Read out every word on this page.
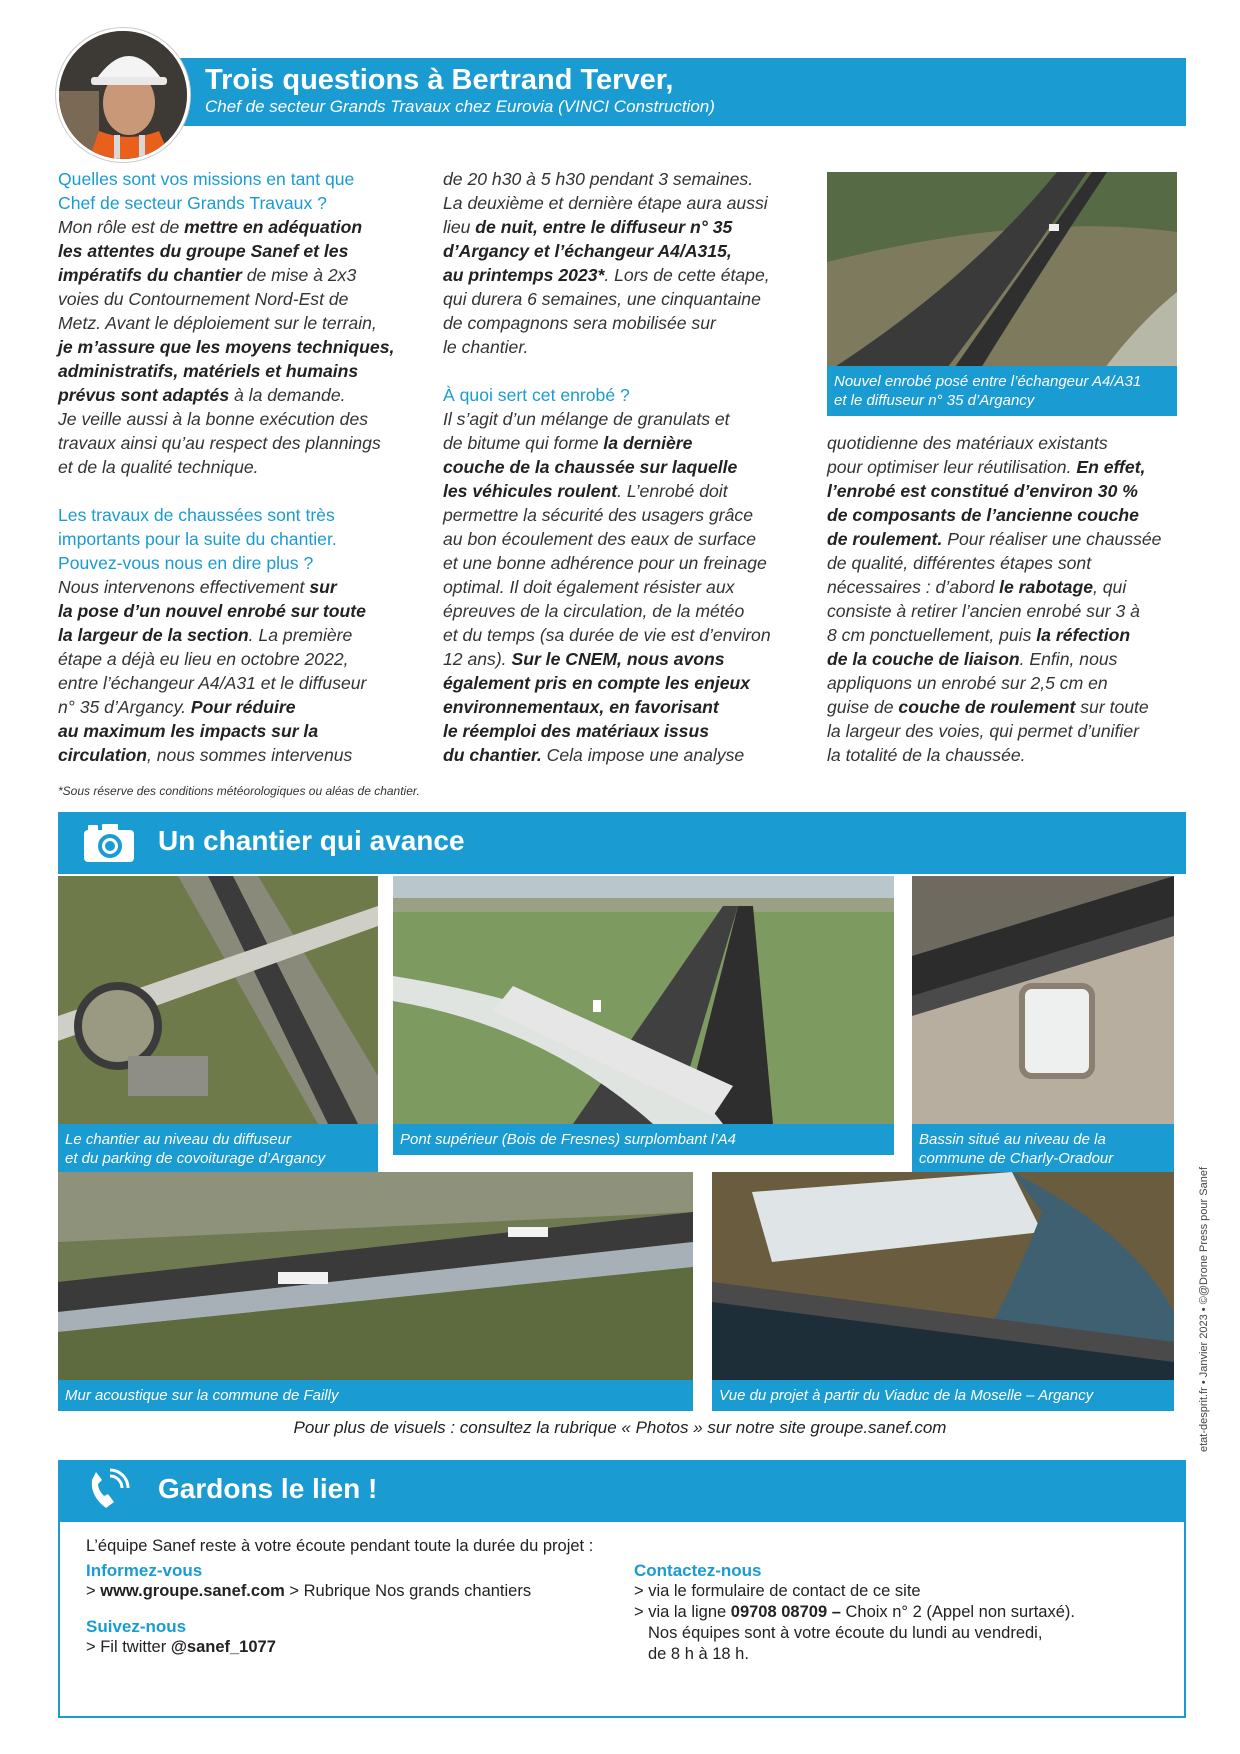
Trois questions à Bertrand Terver,
Chef de secteur Grands Travaux chez Eurovia (VINCI Construction)
Quelles sont vos missions en tant que
Chef de secteur Grands Travaux ?
Mon rôle est de mettre en adéquation
les attentes du groupe Sanef et les
impératifs du chantier de mise à 2x3
voies du Contournement Nord-Est de
Metz. Avant le déploiement sur le terrain,
je m’assure que les moyens techniques,
administratifs, matériels et humains
prévus sont adaptés à la demande.
Je veille aussi à la bonne exécution des
travaux ainsi qu’au respect des plannings
et de la qualité technique.
Les travaux de chaussées sont très
importants pour la suite du chantier.
Pouvez-vous nous en dire plus ?
Nous intervenons effectivement sur
la pose d’un nouvel enrobé sur toute
la largeur de la section. La première
étape a déjà eu lieu en octobre 2022,
entre l’échangeur A4/A31 et le diffuseur
n° 35 d’Argancy. Pour réduire
au maximum les impacts sur la
circulation, nous sommes intervenus
de 20 h30 à 5 h30 pendant 3 semaines.
La deuxième et dernière étape aura aussi
lieu de nuit, entre le diffuseur n° 35
d’Argancy et l’échangeur A4/A315,
au printemps 2023*. Lors de cette étape,
qui durera 6 semaines, une cinquantaine
de compagnons sera mobilisée sur
le chantier.
À quoi sert cet enrobé ?
Il s’agit d’un mélange de granulats et
de bitume qui forme la dernière
couche de la chaussée sur laquelle
les véhicules roulent. L’enrobé doit
permettre la sécurité des usagers grâce
au bon écoulement des eaux de surface
et une bonne adhérence pour un freinage
optimal. Il doit également résister aux
épreuves de la circulation, de la météo
et du temps (sa durée de vie est d’environ
12 ans). Sur le CNEM, nous avons
également pris en compte les enjeux
environnementaux, en favorisant
le réemploi des matériaux issus
du chantier. Cela impose une analyse
Nouvel enrobé posé entre l’échangeur A4/A31
et le diffuseur n° 35 d’Argancy
quotidienne des matériaux existants
pour optimiser leur réutilisation. En effet,
l’enrobé est constitué d’environ 30 %
de composants de l’ancienne couche
de roulement. Pour réaliser une chaussée
de qualité, différentes étapes sont
nécessaires : d’abord le rabotage, qui
consiste à retirer l’ancien enrobé sur 3 à
8 cm ponctuellement, puis la réfection
de la couche de liaison. Enfin, nous
appliquons un enrobé sur 2,5 cm en
guise de couche de roulement sur toute
la largeur des voies, qui permet d’unifier
la totalité de la chaussée.
*Sous réserve des conditions météorologiques ou aléas de chantier.
Un chantier qui avance
Le chantier au niveau du diffuseur
et du parking de covoiturage d’Argancy
Pont supérieur (Bois de Fresnes) surplombant l’A4	Bassin situé au niveau de la
commune de Charly-Oradour
Mur acoustique sur la commune de Failly	Vue du projet à partir du Viaduc de la Moselle – Argancy
Pour plus de visuels : consultez la rubrique « Photos » sur notre site groupe.sanef.com
Gardons le lien !
L’équipe Sanef reste à votre écoute pendant toute la durée du projet :
Informez-vous
> www.groupe.sanef.com > Rubrique Nos grands chantiers
Suivez-nous
> Fil twitter @sanef_1077
Contactez-nous
> via le formulaire de contact de ce site
> via la ligne 09708 08709 – Choix n° 2 (Appel non surtaxé).
Nos équipes sont à votre écoute du lundi au vendredi,
de 8 h à 18 h.
etat-desprit.fr • Janvier 2023 • ©@Drone Press pour Sanef
